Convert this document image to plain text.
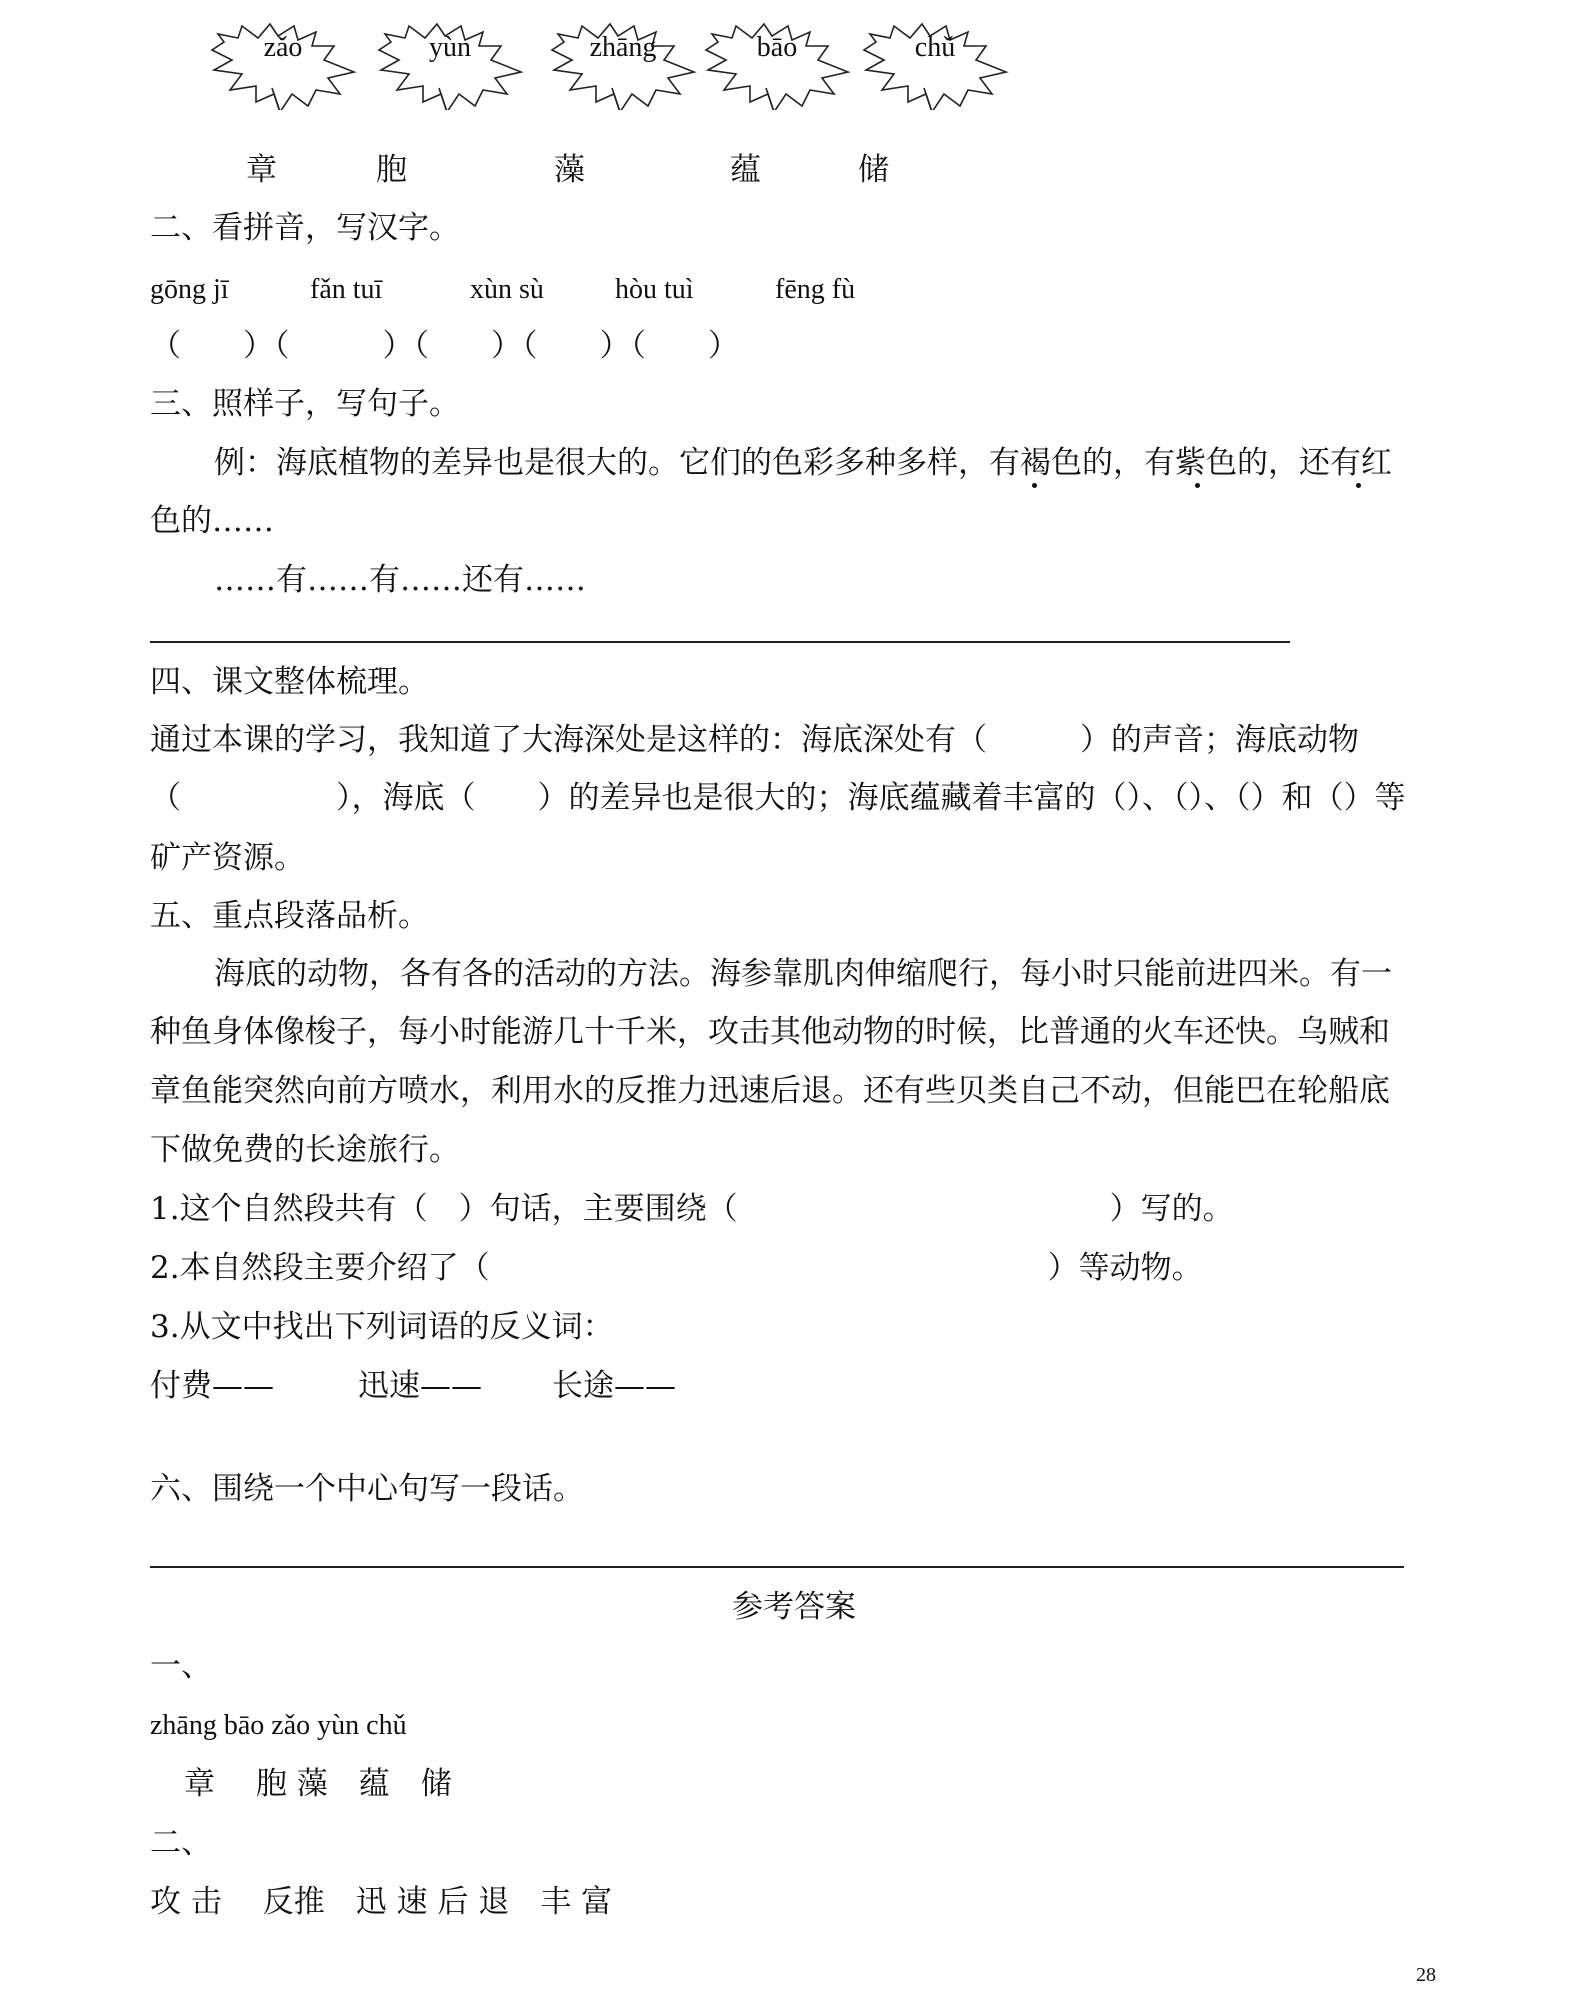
zǎo	yùn	zhāng	bāo	chǔ
章	胞	藻	蕴	储
二、看拼音，写汉字。
gōng jī	fǎn tuī	xùn sù	hòu tuì	fēng fù
（　　）（　　　）（　　）（　　）（　　）
三、照样子，写句子。
例：海底植物的差异也是很大的。它们的色彩多种多样，有褐色的，有紫色的，还有红
色的……
……有……有……还有……
四、课文整体梳理。
通过本课的学习，我知道了大海深处是这样的：海底深处有（　　　）的声音；海底动物
（　　　　　），海底（　　）的差异也是很大的；海底蕴藏着丰富的（）、（）、（）和（）等
矿产资源。
五、重点段落品析。
海底的动物，各有各的活动的方法。海参靠肌肉伸缩爬行，每小时只能前进四米。有一
种鱼身体像梭子，每小时能游几十千米，攻击其他动物的时候，比普通的火车还快。乌贼和
章鱼能突然向前方喷水，利用水的反推力迅速后退。还有些贝类自己不动，但能巴在轮船底
下做免费的长途旅行。
1.这个自然段共有（　）句话，主要围绕（　　　　　　　　　　　　）写的。
2.本自然段主要介绍了（　　　　　　　　　　　　　　　　　　）等动物。
3.从文中找出下列词语的反义词：
付费——	迅速—— 长途——
六、围绕一个中心句写一段话。
参考答案
一、
zhāng bāo zǎo yùn chǔ
章　 胞 藻　蕴　储
二、
攻 击　 反推　迅 速 后 退　丰 富
28
